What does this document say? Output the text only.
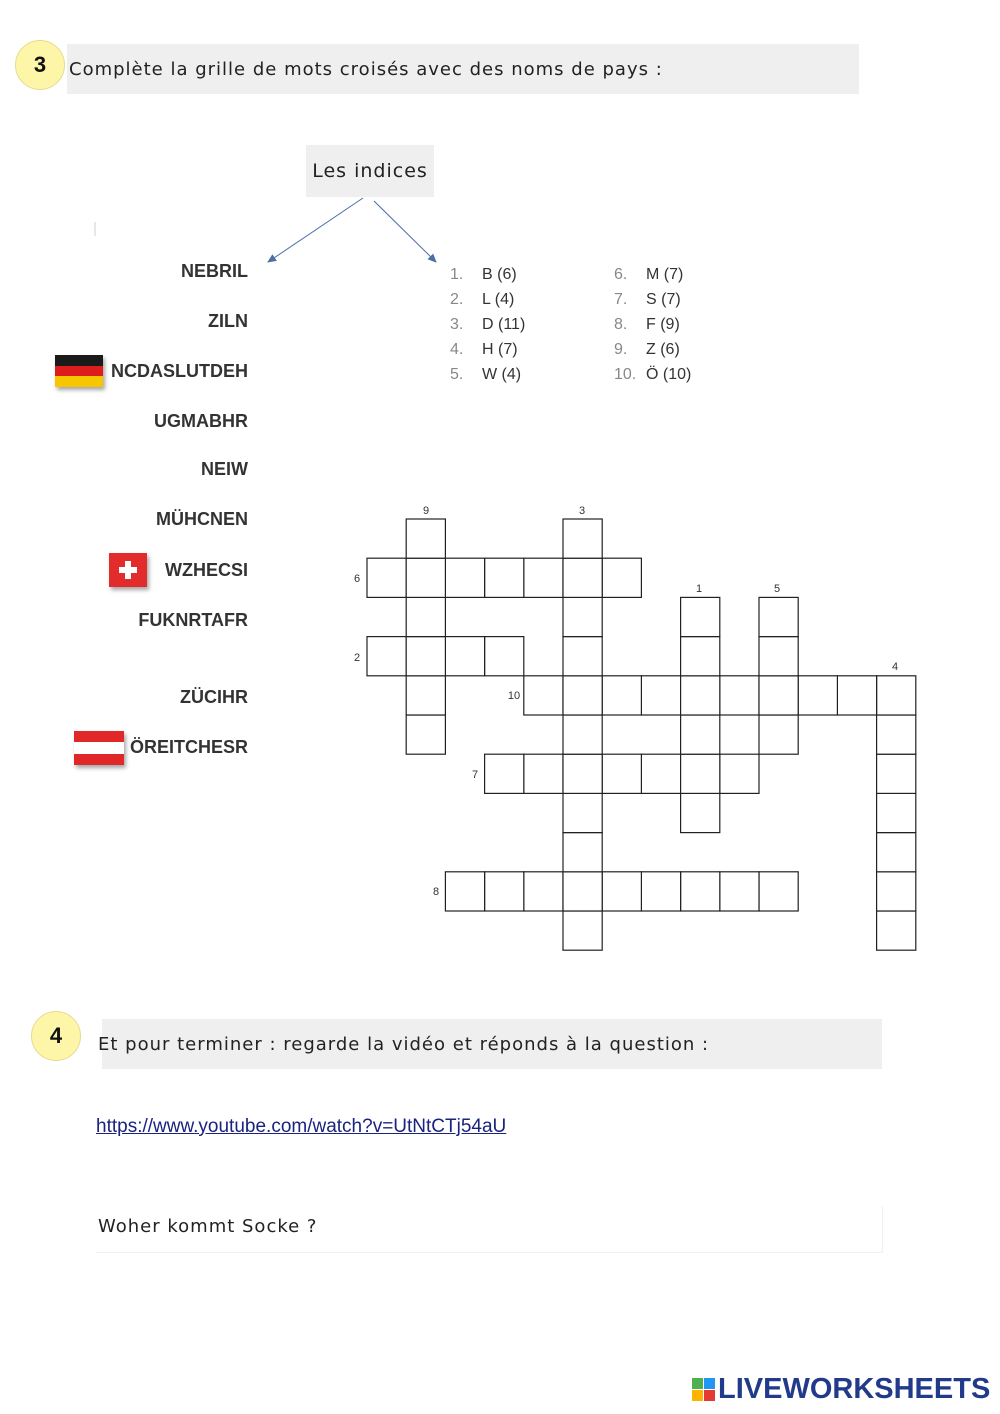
3	Complète la grille de mots croisés avec des noms de pays :
Les indices
NEBRIL
ZILN
NCDASLUTDEH
UGMABHR
NEIW
MÜHCNEN
WZHECSI
FUKNRTAFR
ZÜCIHR
ÖREITCHESR
1.	B (6)
2.	L (4)
3.	D (11)
4.	H (7)
5.	W (4)
6.	M (7)
7.	S (7)
8.	F (9)
9.	Z (6)
10. Ö (10)
9	3
6
1	5
2
4
10
7
8
4	Et pour terminer : regarde la vidéo et réponds à la question :
https://www.youtube.com/watch?v=UtNtCTj54aU
Woher kommt Socke ?
LIVEWORKSHEETS
